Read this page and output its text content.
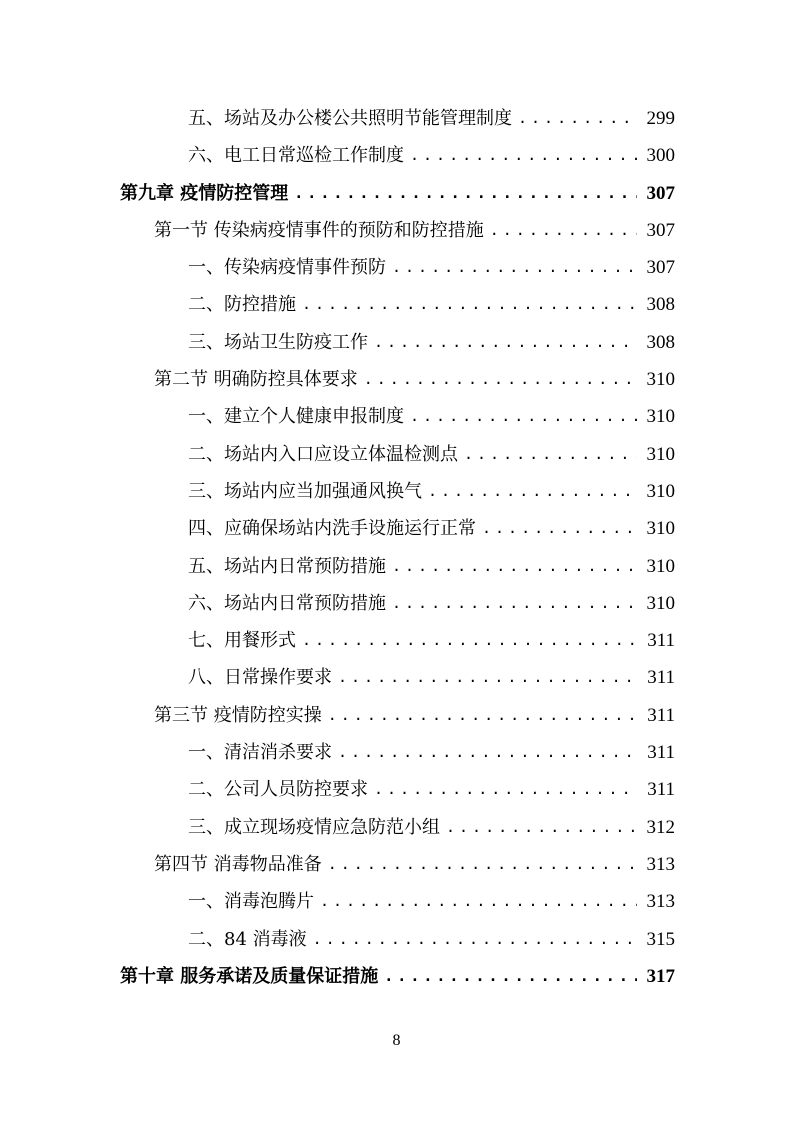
五、场站及办公楼公共照明节能管理制度 .....	299
六、电工日常巡检工作制度 .....	300
第九章 疫情防控管理 .....	307
第一节 传染病疫情事件的预防和防控措施 .....	307
一、传染病疫情事件预防 .....	307
二、防控措施 .....	308
三、场站卫生防疫工作 .....	308
第二节 明确防控具体要求 .....	310
一、建立个人健康申报制度 .....	310
二、场站内入口应设立体温检测点 .....	310
三、场站内应当加强通风换气 .....	310
四、应确保场站内洗手设施运行正常 .....	310
五、场站内日常预防措施 .....	310
六、场站内日常预防措施 .....	310
七、用餐形式 .....	311
八、日常操作要求 .....	311
第三节 疫情防控实操 .....	311
一、清洁消杀要求 .....	311
二、公司人员防控要求 .....	311
三、成立现场疫情应急防范小组 .....	312
第四节 消毒物品准备 .....	313
一、消毒泡腾片 .....	313
二、84 消毒液 .....	315
第十章 服务承诺及质量保证措施 .....	317
8
